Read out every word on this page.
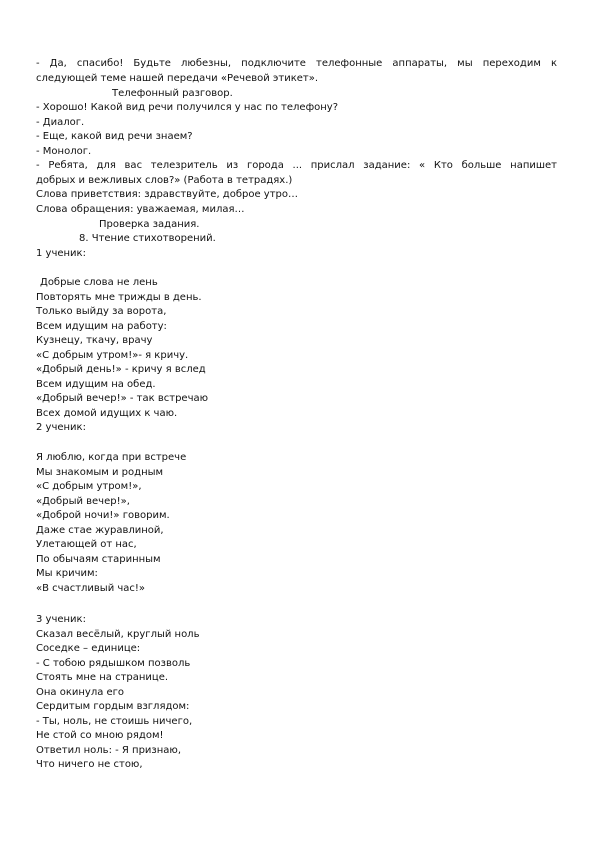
- Да, спасибо! Будьте любезны, подключите телефонные аппараты, мы переходим к
следующей теме нашей передачи «Речевой этикет».
Телефонный разговор.
- Хорошо! Какой вид речи получился у нас по телефону?
- Диалог.
- Еще, какой вид речи знаем?
- Монолог.
- Ребята, для вас телезритель из города ... прислал задание: « Кто больше напишет
добрых и вежливых слов?» (Работа в тетрадях.)
Слова приветствия: здравствуйте, доброе утро…
Слова обращения: уважаемая, милая…
Проверка задания.
8. Чтение стихотворений.
1 ученик:
Добрые слова не лень
Повторять мне трижды в день.
Только выйду за ворота,
Всем идущим на работу:
Кузнецу, ткачу, врачу
«С добрым утром!»- я кричу.
«Добрый день!» - кричу я вслед
Всем идущим на обед.
«Добрый вечер!» - так встречаю
Всех домой идущих к чаю.
2 ученик:
Я люблю, когда при встрече
Мы знакомым и родным
«С добрым утром!»,
«Добрый вечер!»,
«Доброй ночи!» говорим.
Даже стае журавлиной,
Улетающей от нас,
По обычаям старинным
Мы кричим:
«В счастливый час!»
3 ученик:
Сказал весёлый, круглый ноль
Соседке – единице:
- С тобою рядышком позволь
Стоять мне на странице.
Она окинула его
Сердитым гордым взглядом:
- Ты, ноль, не стоишь ничего,
Не стой со мною рядом!
Ответил ноль: - Я признаю,
Что ничего не стою,
